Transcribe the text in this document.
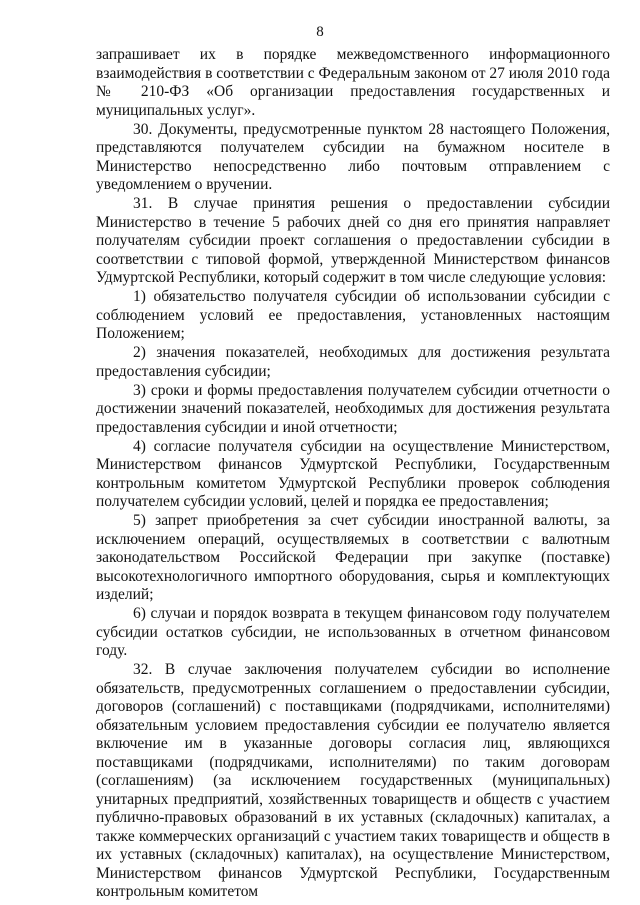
8

запрашивает их в порядке межведомственного информационного взаимодействия в соответствии с Федеральным законом от 27 июля 2010 года № 210-ФЗ «Об организации предоставления государственных и муниципальных услуг».

30. Документы, предусмотренные пунктом 28 настоящего Положения, представляются получателем субсидии на бумажном носителе в Министерство непосредственно либо почтовым отправлением с уведомлением о вручении.

31. В случае принятия решения о предоставлении субсидии Министерство в течение 5 рабочих дней со дня его принятия направляет получателям субсидии проект соглашения о предоставлении субсидии в соответствии с типовой формой, утвержденной Министерством финансов Удмуртской Республики, который содержит в том числе следующие условия:

1) обязательство получателя субсидии об использовании субсидии с соблюдением условий ее предоставления, установленных настоящим Положением;

2) значения показателей, необходимых для достижения результата предоставления субсидии;

3) сроки и формы предоставления получателем субсидии отчетности о достижении значений показателей, необходимых для достижения результата предоставления субсидии и иной отчетности;

4) согласие получателя субсидии на осуществление Министерством, Министерством финансов Удмуртской Республики, Государственным контрольным комитетом Удмуртской Республики проверок соблюдения получателем субсидии условий, целей и порядка ее предоставления;

5) запрет приобретения за счет субсидии иностранной валюты, за исключением операций, осуществляемых в соответствии с валютным законодательством Российской Федерации при закупке (поставке) высокотехнологичного импортного оборудования, сырья и комплектующих изделий;

6) случаи и порядок возврата в текущем финансовом году получателем субсидии остатков субсидии, не использованных в отчетном финансовом году.

32. В случае заключения получателем субсидии во исполнение обязательств, предусмотренных соглашением о предоставлении субсидии, договоров (соглашений) с поставщиками (подрядчиками, исполнителями) обязательным условием предоставления субсидии ее получателю является включение им в указанные договоры согласия лиц, являющихся поставщиками (подрядчиками, исполнителями) по таким договорам (соглашениям) (за исключением государственных (муниципальных) унитарных предприятий, хозяйственных товариществ и обществ с участием публично-правовых образований в их уставных (складочных) капиталах, а также коммерческих организаций с участием таких товариществ и обществ в их уставных (складочных) капиталах), на осуществление Министерством, Министерством финансов Удмуртской Республики, Государственным контрольным комитетом
